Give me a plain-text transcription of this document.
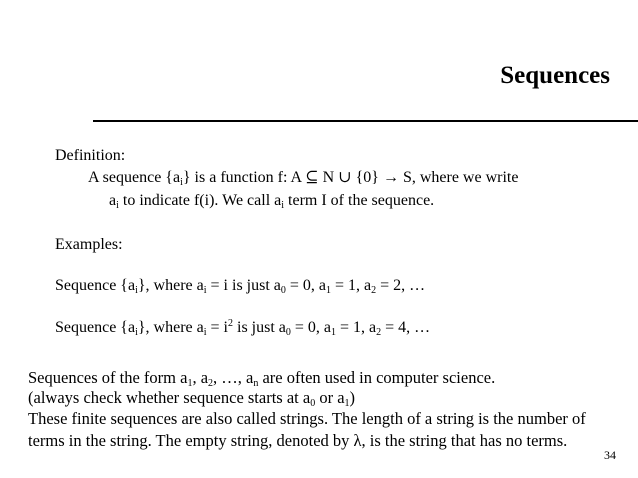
Sequences
Definition:
A sequence $\{a_i\}$ is a function f: A ⊆ N ∪ {0} → S, where we write
$a_i$ to indicate f(i). We call $a_i$ term I of the sequence.
Examples:
Sequence $\{a_i\}$, where $a_i = i$ is just $a_0 = 0$, $a_1 = 1$, $a_2 = 2$, …
Sequence $\{a_i\}$, where $a_i = i^2$ is just $a_0 = 0$, $a_1 = 1$, $a_2 = 4$, …
Sequences of the form $a_1$, $a_2$, …, $a_n$ are often used in computer science.
(always check whether sequence starts at $a_0$ or $a_1$)
These finite sequences are also called strings. The length of a string is the number of
terms in the string. The empty string, denoted by λ, is the string that has no terms.
34
